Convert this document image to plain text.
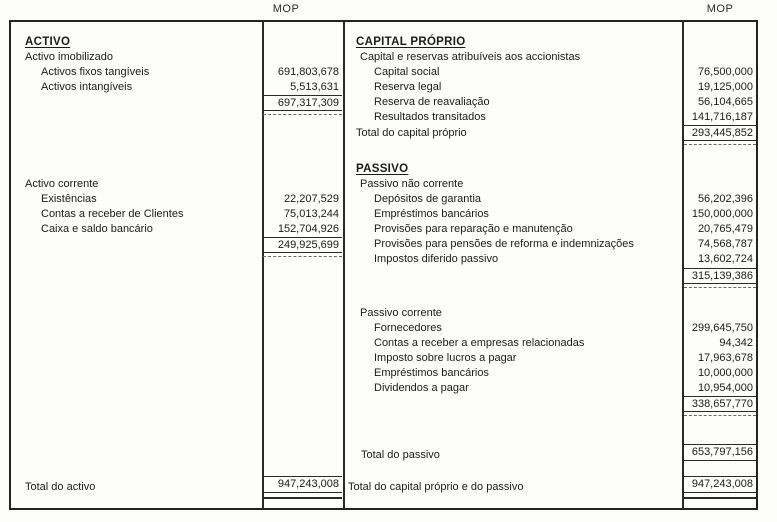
MOP	MOP
ACTIVO
Activo imobilizado
Activos fixos tangíveis	691,803,678
Activos intangíveis	5,513,631
697,317,309
Activo corrente
Existências	22,207,529
Contas a receber de Clientes	75,013,244
Caixa e saldo bancário	152,704,926
249,925,699
Total do activo	947,243,008
CAPITAL PRÓPRIO
Capital e reservas atribuíveis aos accionistas
Capital social	76,500,000
Reserva legal	19,125,000
Reserva de reavaliação	56,104,665
Resultados transitados	141,716,187
Total do capital próprio	293,445,852
PASSIVO
Passivo não corrente
Depósitos de garantia	56,202,396
Empréstimos bancários	150,000,000
Provisões para reparação e manutenção	20,765,479
Provisões para pensões de reforma e indemnizações	74,568,787
Impostos diferido passivo	13,602,724
315,139,386
Passivo corrente
Fornecedores	299,645,750
Contas a receber a empresas relacionadas	94,342
Imposto sobre lucros a pagar	17,963,678
Empréstimos bancários	10,000,000
Dividendos a pagar	10,954,000
338,657,770
Total do passivo	653,797,156
Total do capital próprio e do passivo	947,243,008
